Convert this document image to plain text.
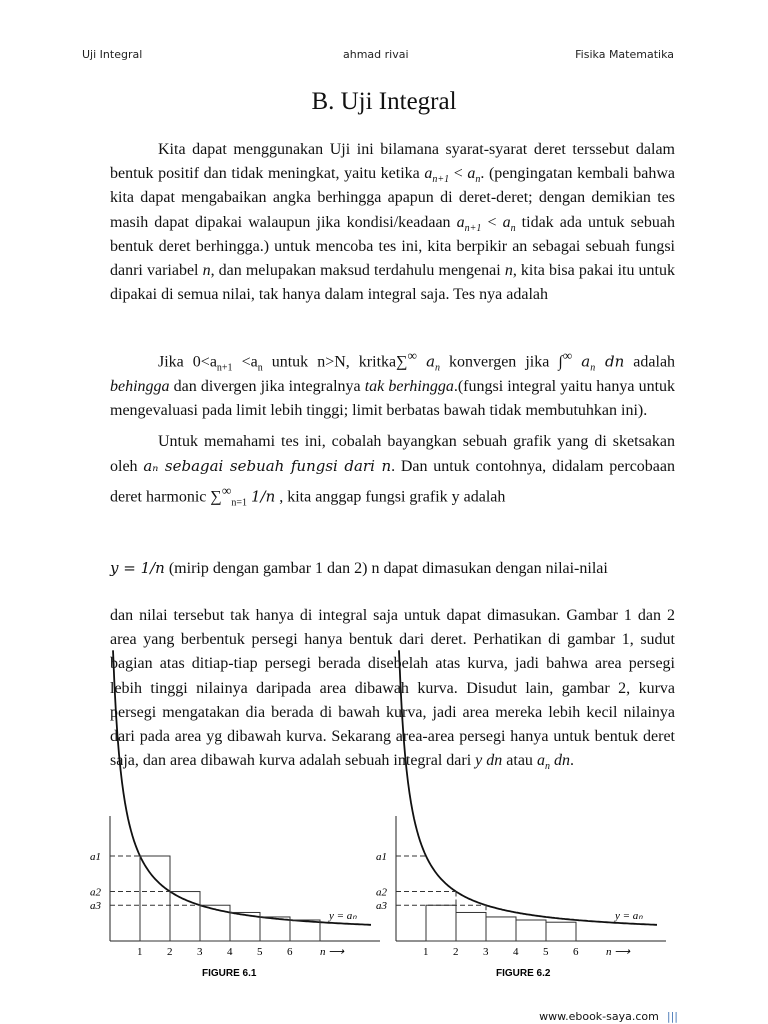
Uji Integral	ahmad rivai	Fisika Matematika
B. Uji Integral
Kita dapat menggunakan Uji ini bilamana syarat-syarat deret terssebut dalam bentuk positif dan tidak meningkat, yaitu ketika $a_{n+1} < a_n$. (pengingatan kembali bahwa kita dapat mengabaikan angka berhingga apapun di deret-deret; dengan demikian tes masih dapat dipakai walaupun jika kondisi/keadaan $a_{n+1} < a_n$ tidak ada untuk sebuah bentuk deret berhingga.) untuk mencoba tes ini, kita berpikir an sebagai sebuah fungsi danri variabel n, dan melupakan maksud terdahulu mengenai n, kita bisa pakai itu untuk dipakai di semua nilai, tak hanya dalam integral saja. Tes nya adalah
Jika $0<a_{n+1} <a_n$ untuk n>N, kritka∑∞ $a_n$ konvergen jika ∫∞ $a_n$ dn adalah behingga dan divergen jika integralnya tak berhingga.(fungsi integral yaitu hanya untuk mengevaluasi pada limit lebih tinggi; limit berbatas bawah tidak membutuhkan ini).
Untuk memahami tes ini, cobalah bayangkan sebuah grafik yang di sketsakan oleh aₙ sebagai sebuah fungsi dari n. Dan untuk contohnya, didalam percobaan deret harmonic $\sum^\infty_{n=1}$ 1/n , kita anggap fungsi grafik y adalah
y = 1/n (mirip dengan gambar 1 dan 2) n dapat dimasukan dengan nilai-nilai
dan nilai tersebut tak hanya di integral saja untuk dapat dimasukan. Gambar 1 dan 2 area yang berbentuk persegi hanya bentuk dari deret. Perhatikan di gambar 1, sudut bagian atas ditiap-tiap persegi berada disebelah atas kurva, jadi bahwa area persegi lebih tinggi nilainya daripada area dibawah kurva. Disudut lain, gambar 2, kurva persegi mengatakan dia berada di bawah kurva, jadi area mereka lebih kecil nilainya dari pada area yg dibawah kurva. Sekarang area-area persegi hanya untuk bentuk deret saja, dan area dibawah kurva adalah sebuah integral dari y dn atau $a_n$ dn.
a1
a2
a3
1 2 3 4 5 6
y = aₙ
n ⟶
FIGURE 6.1
a1
a2
a3
1 2 3 4 5 6
y = aₙ
n ⟶
FIGURE 6.2
www.ebook-saya.com |||
